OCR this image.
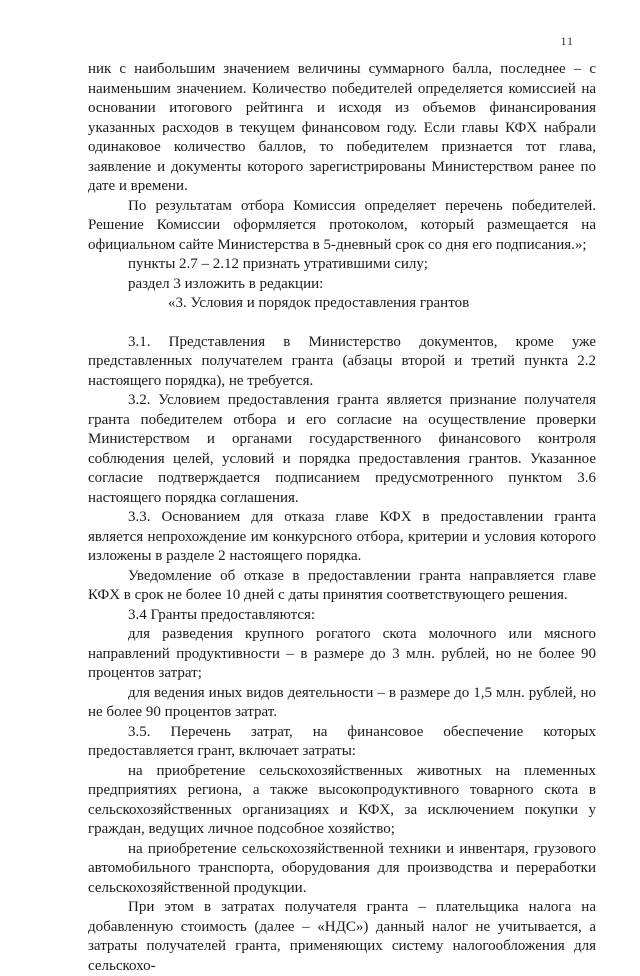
11

ник с наибольшим значением величины суммарного балла, последнее – с наименьшим значением. Количество победителей определяется комиссией на основании итогового рейтинга и исходя из объемов финансирования указанных расходов в текущем финансовом году. Если главы КФХ набрали одинаковое количество баллов, то победителем признается тот глава, заявление и документы которого зарегистрированы Министерством ранее по дате и времени.

По результатам отбора Комиссия определяет перечень победителей. Решение Комиссии оформляется протоколом, который размещается на официальном сайте Министерства в 5-дневный срок со дня его подписания.»;

пункты 2.7 – 2.12 признать утратившими силу;

раздел 3 изложить в редакции:

«3. Условия и порядок предоставления грантов

3.1. Представления в Министерство документов, кроме уже представленных получателем гранта (абзацы второй и третий пункта 2.2 настоящего порядка), не требуется.

3.2. Условием предоставления гранта является признание получателя гранта победителем отбора и его согласие на осуществление проверки Министерством и органами государственного финансового контроля соблюдения целей, условий и порядка предоставления грантов. Указанное согласие подтверждается подписанием предусмотренного пунктом 3.6 настоящего порядка соглашения.

3.3. Основанием для отказа главе КФХ в предоставлении гранта является непрохождение им конкурсного отбора, критерии и условия которого изложены в разделе 2 настоящего порядка.

Уведомление об отказе в предоставлении гранта направляется главе КФХ в срок не более 10 дней с даты принятия соответствующего решения.

3.4 Гранты предоставляются:

для разведения крупного рогатого скота молочного или мясного направлений продуктивности – в размере до 3 млн. рублей, но не более 90 процентов затрат;

для ведения иных видов деятельности – в размере до 1,5 млн. рублей, но не более 90 процентов затрат.

3.5. Перечень затрат, на финансовое обеспечение которых предоставляется грант, включает затраты:

на приобретение сельскохозяйственных животных на племенных предприятиях региона, а также высокопродуктивного товарного скота в сельскохозяйственных организациях и КФХ, за исключением покупки у граждан, ведущих личное подсобное хозяйство;

на приобретение сельскохозяйственной техники и инвентаря, грузового автомобильного транспорта, оборудования для производства и переработки сельскохозяйственной продукции.

При этом в затратах получателя гранта – плательщика налога на добавленную стоимость (далее – «НДС») данный налог не учитывается, а затраты получателей гранта, применяющих систему налогообложения для сельскохо-
